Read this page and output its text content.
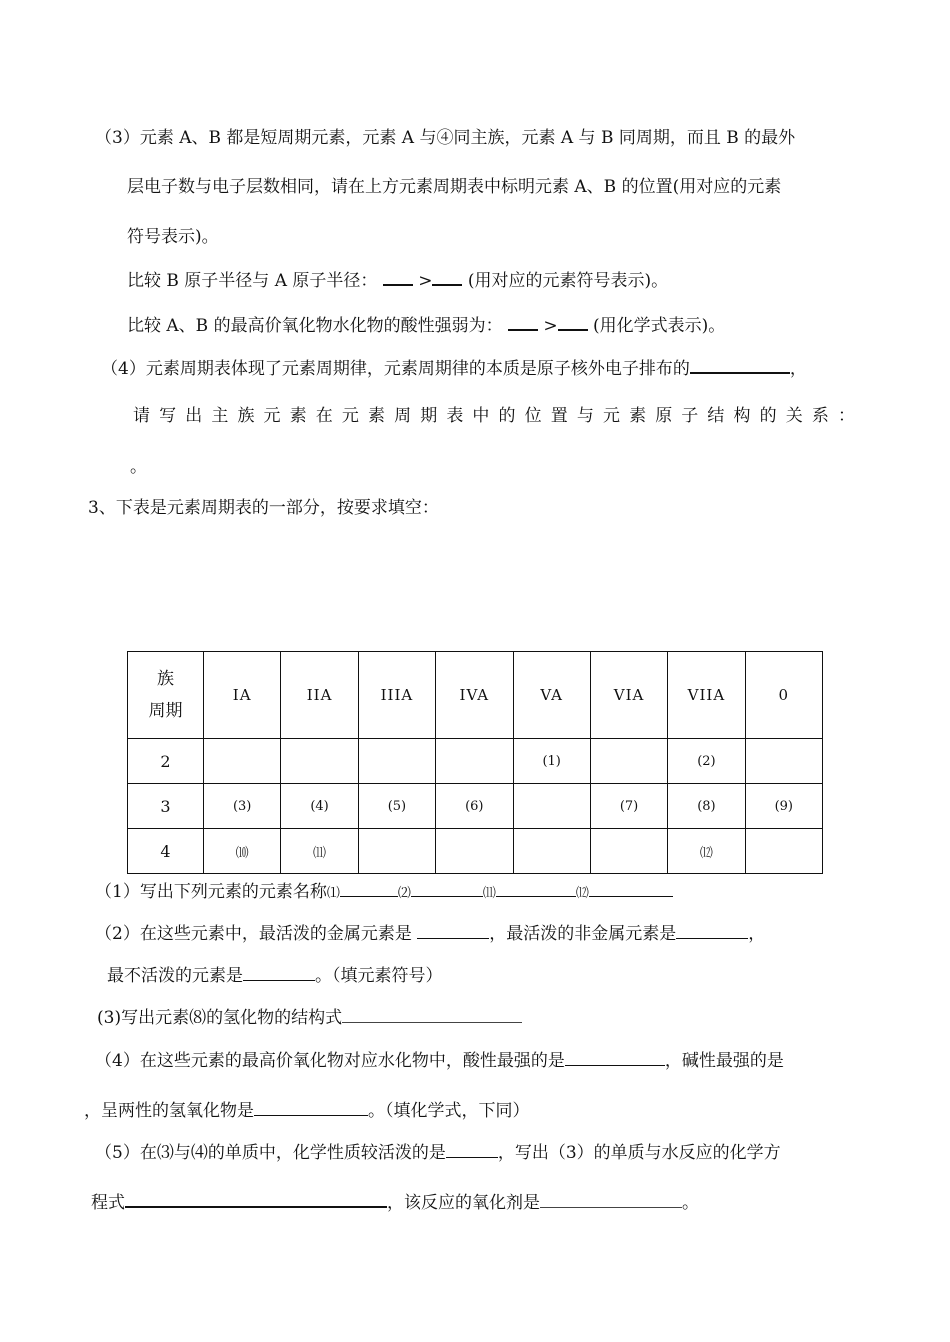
（3）元素 A、B 都是短周期元素，元素 A 与④同主族，元素 A 与 B 同周期，而且 B 的最外
层电子数与电子层数相同，请在上方元素周期表中标明元素 A、B 的位置(用对应的元素
符号表示)。
比较 B 原子半径与 A 原子半径： > (用对应的元素符号表示)。
比较 A、B 的最高价氧化物水化物的酸性强弱为： > (用化学式表示)。
（4）元素周期表体现了元素周期律，元素周期律的本质是原子核外电子排布的	，
请 写 出 主 族 元 素 在 元 素 周 期 表 中 的 位 置 与 元 素 原 子 结 构 的 关 系 ：
。
3、下表是元素周期表的一部分，按要求填空：
族
周期	IA	IIA	IIIA	IVA	VA	VIA	VIIA	0
2					(1)		(2)	
3	(3)	(4)	(5)	(6)		(7)	(8)	(9)
4	⑽	⑾					⑿	
（1）写出下列元素的元素名称⑴	⑵	⑾	⑿
（2）在这些元素中，最活泼的金属元素是	，最活泼的非金属元素是	，
最不活泼的元素是	。（填元素符号）
(3)写出元素⑻的氢化物的结构式
（4）在这些元素的最高价氧化物对应水化物中，酸性最强的是	，碱性最强的是
，呈两性的氢氧化物是	。（填化学式，下同）
（5）在⑶与⑷的单质中，化学性质较活泼的是	，写出（3）的单质与水反应的化学方
程式	，该反应的氧化剂是	。
